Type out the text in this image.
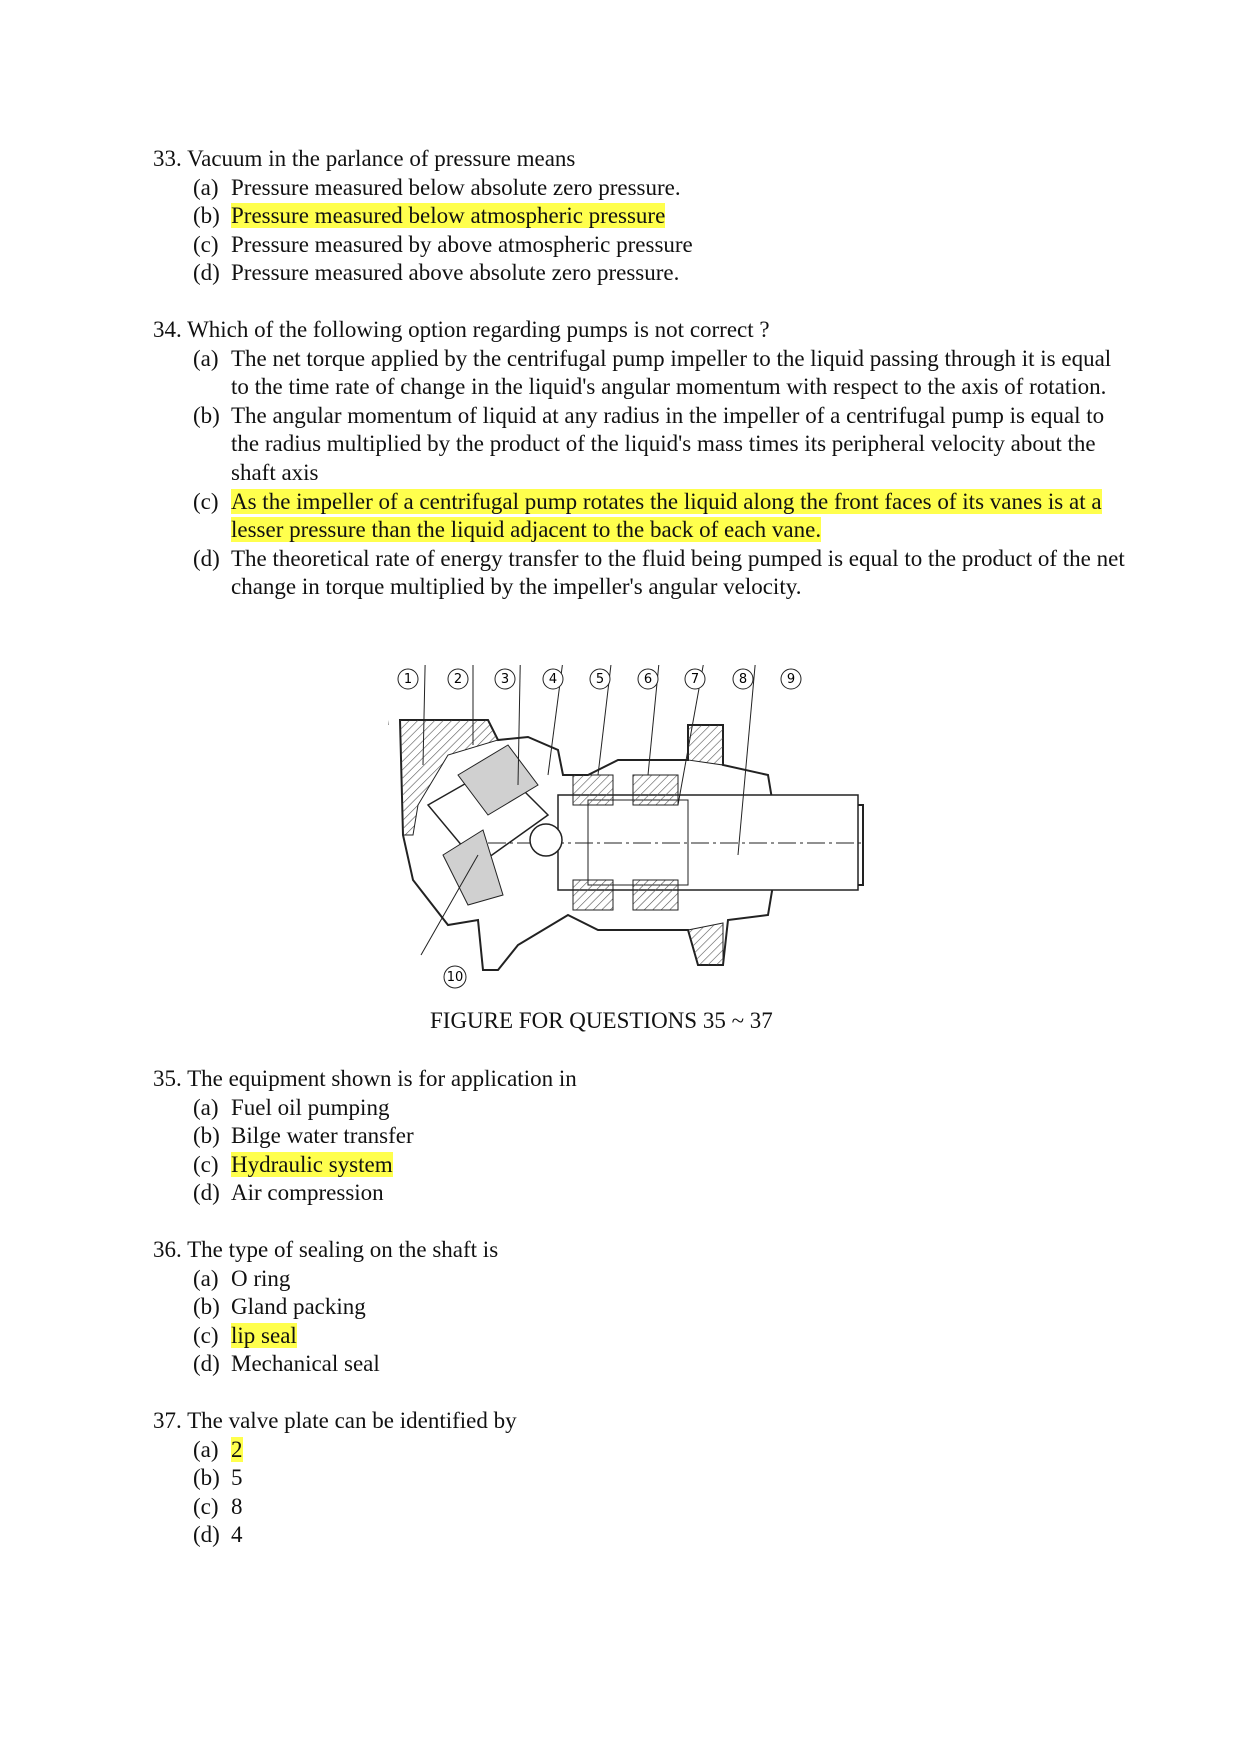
33. Vacuum in the parlance of pressure means
(a) Pressure measured below absolute zero pressure.
(b) Pressure measured below atmospheric pressure
(c) Pressure measured by above atmospheric pressure
(d) Pressure measured above absolute zero pressure.
34. Which of the following option regarding pumps is not correct ?
(a) The net torque applied by the centrifugal pump impeller to the liquid passing through it is equal to the time rate of change in the liquid's angular momentum with respect to the axis of rotation.
(b) The angular momentum of liquid at any radius in the impeller of a centrifugal pump is equal to the radius multiplied by the product of the liquid's mass times its peripheral velocity about the shaft axis
(c) As the impeller of a centrifugal pump rotates the liquid along the front faces of its vanes is at a lesser pressure than the liquid adjacent to the back of each vane.
(d) The theoretical rate of energy transfer to the fluid being pumped is equal to the product of the net change in torque multiplied by the impeller's angular velocity.
1	2	3	4	5	6	7	8	9
10
FIGURE FOR QUESTIONS 35 ~ 37
35. The equipment shown is for application in
(a) Fuel oil pumping
(b) Bilge water transfer
(c) Hydraulic system
(d) Air compression
36. The type of sealing on the shaft is
(a) O ring
(b) Gland packing
(c) lip seal
(d) Mechanical seal
37. The valve plate can be identified by
(a) 2
(b) 5
(c) 8
(d) 4
